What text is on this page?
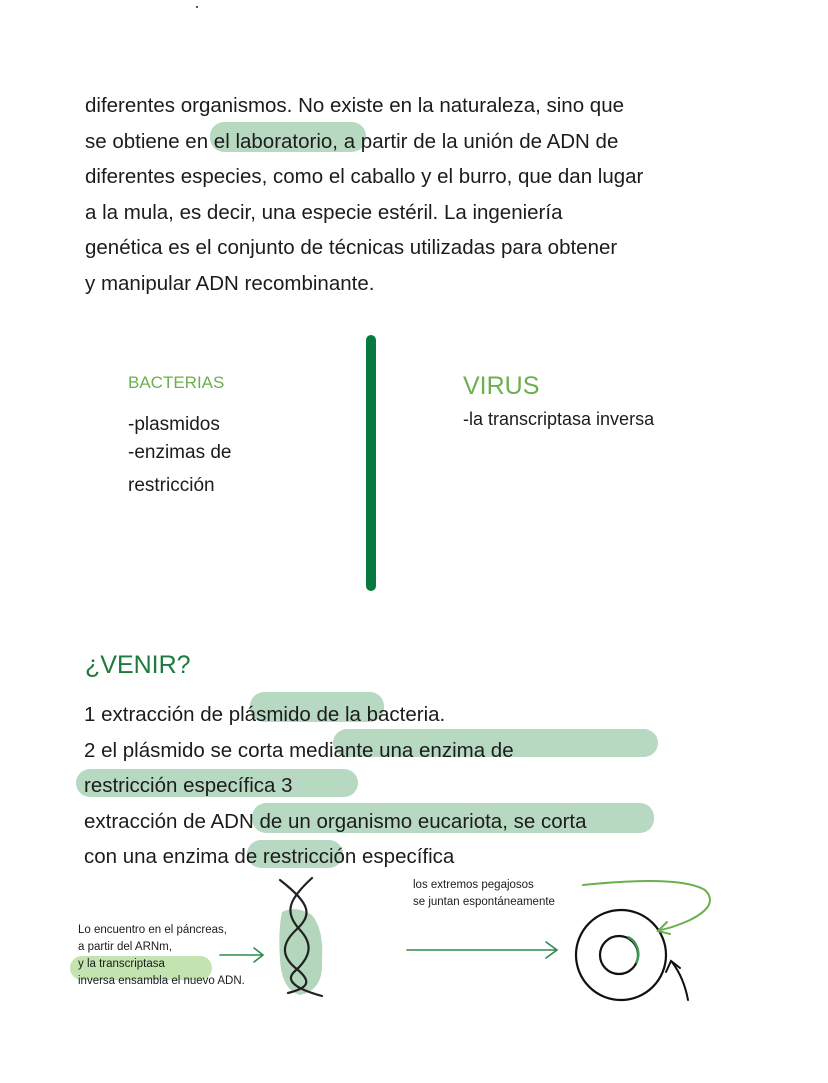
diferentes organismos. No existe en la naturaleza, sino que
se obtiene en el laboratorio, a partir de la unión de ADN de
diferentes especies, como el caballo y el burro, que dan lugar
a la mula, es decir, una especie estéril. La ingeniería
genética es el conjunto de técnicas utilizadas para obtener
y manipular ADN recombinante.
BACTERIAS
-plasmidos
-enzimas de
restricción
VIRUS
-la transcriptasa inversa
¿VENIR?
1 extracción de plásmido de la bacteria.
2 el plásmido se corta mediante una enzima de
restricción específica 3
extracción de ADN de un organismo eucariota, se corta
con una enzima de restricción específica
Lo encuentro en el páncreas,
a partir del ARNm,
y la transcriptasa
inversa ensambla el nuevo ADN.
los extremos pegajosos
se juntan espontáneamente
